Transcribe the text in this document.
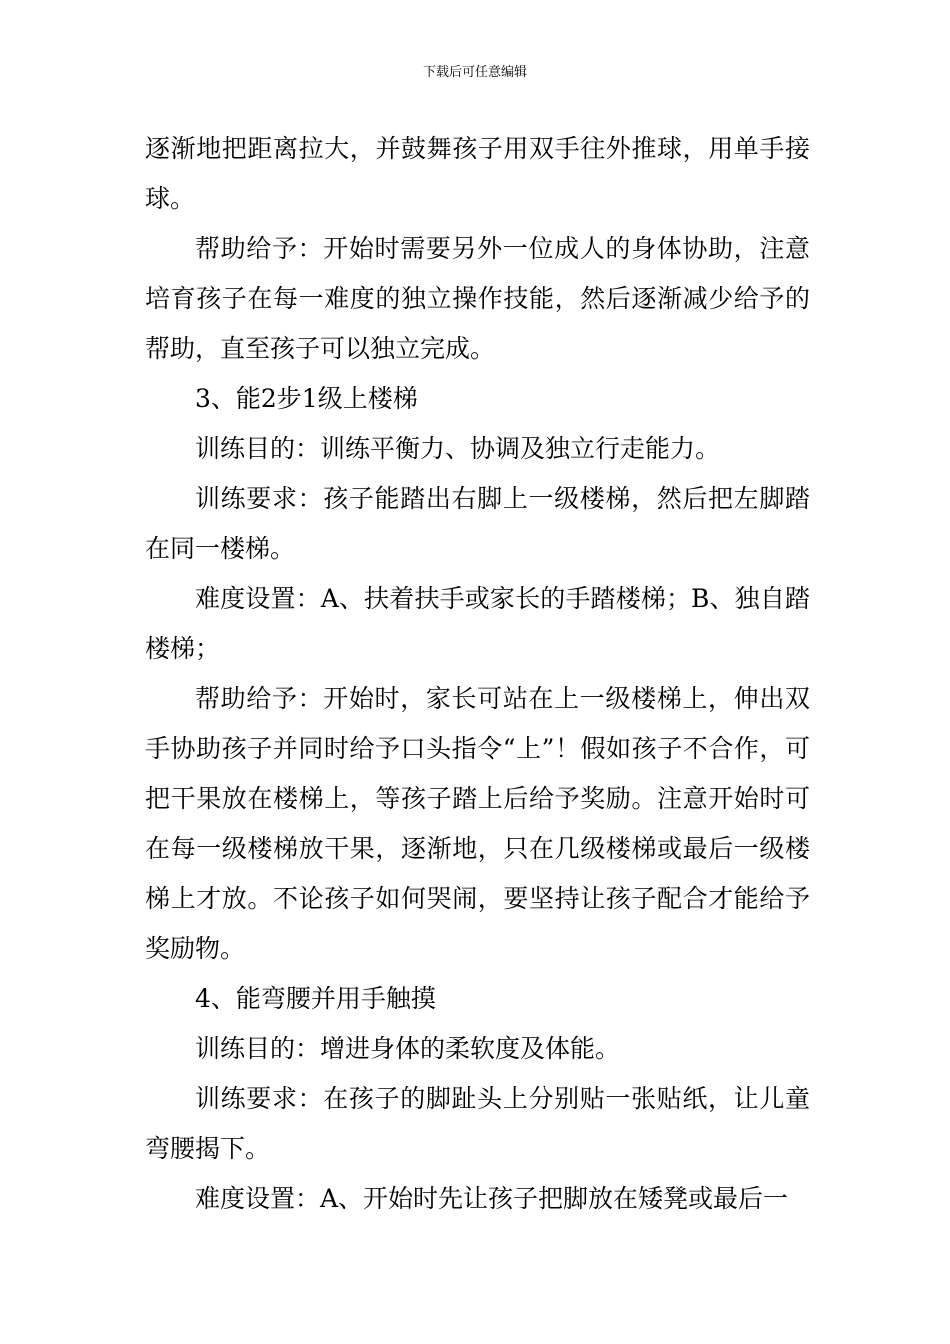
下载后可任意编辑

逐渐地把距离拉大，并鼓舞孩子用双手往外推球，用单手接球。

帮助给予：开始时需要另外一位成人的身体协助，注意培育孩子在每一难度的独立操作技能，然后逐渐减少给予的帮助，直至孩子可以独立完成。

3、能2步1级上楼梯

训练目的：训练平衡力、协调及独立行走能力。

训练要求：孩子能踏出右脚上一级楼梯，然后把左脚踏在同一楼梯。

难度设置：A、扶着扶手或家长的手踏楼梯；B、独自踏楼梯；

帮助给予：开始时，家长可站在上一级楼梯上，伸出双手协助孩子并同时给予口头指令“上”！假如孩子不合作，可把干果放在楼梯上，等孩子踏上后给予奖励。注意开始时可在每一级楼梯放干果，逐渐地，只在几级楼梯或最后一级楼梯上才放。不论孩子如何哭闹，要坚持让孩子配合才能给予奖励物。

4、能弯腰并用手触摸

训练目的：增进身体的柔软度及体能。

训练要求：在孩子的脚趾头上分别贴一张贴纸，让儿童弯腰揭下。

难度设置：A、开始时先让孩子把脚放在矮凳或最后一
